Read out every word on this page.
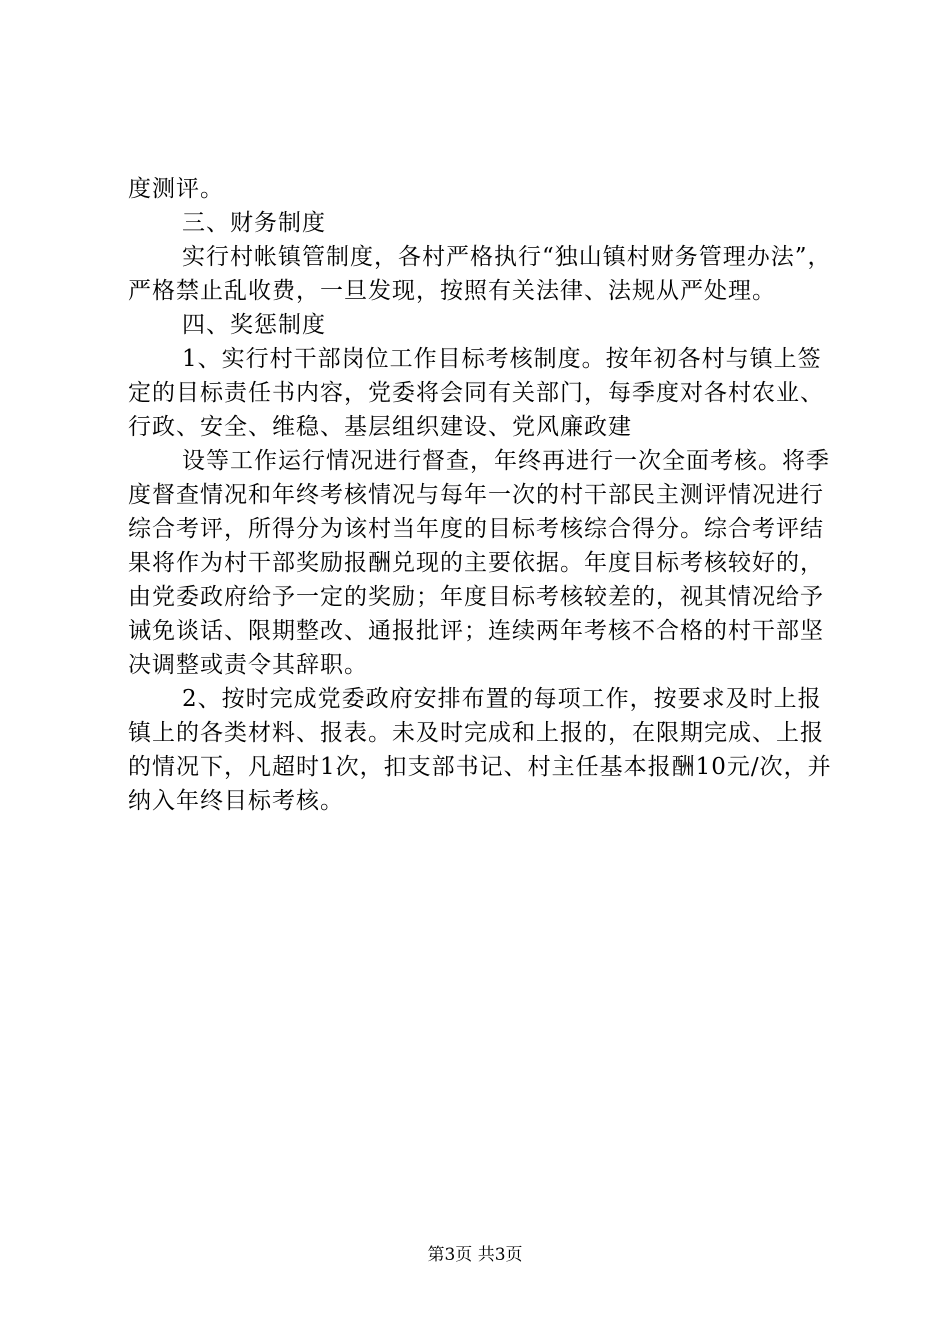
度测评。

三、财务制度

实行村帐镇管制度，各村严格执行“独山镇村财务管理办法”，严格禁止乱收费，一旦发现，按照有关法律、法规从严处理。

四、奖惩制度

1、实行村干部岗位工作目标考核制度。按年初各村与镇上签定的目标责任书内容，党委将会同有关部门，每季度对各村农业、行政、安全、维稳、基层组织建设、党风廉政建

设等工作运行情况进行督查，年终再进行一次全面考核。将季度督查情况和年终考核情况与每年一次的村干部民主测评情况进行综合考评，所得分为该村当年度的目标考核综合得分。综合考评结果将作为村干部奖励报酬兑现的主要依据。年度目标考核较好的，由党委政府给予一定的奖励；年度目标考核较差的，视其情况给予诫免谈话、限期整改、通报批评；连续两年考核不合格的村干部坚决调整或责令其辞职。

2、按时完成党委政府安排布置的每项工作，按要求及时上报镇上的各类材料、报表。未及时完成和上报的，在限期完成、上报的情况下，凡超时1次，扣支部书记、村主任基本报酬10元/次，并纳入年终目标考核。

第3页 共3页
